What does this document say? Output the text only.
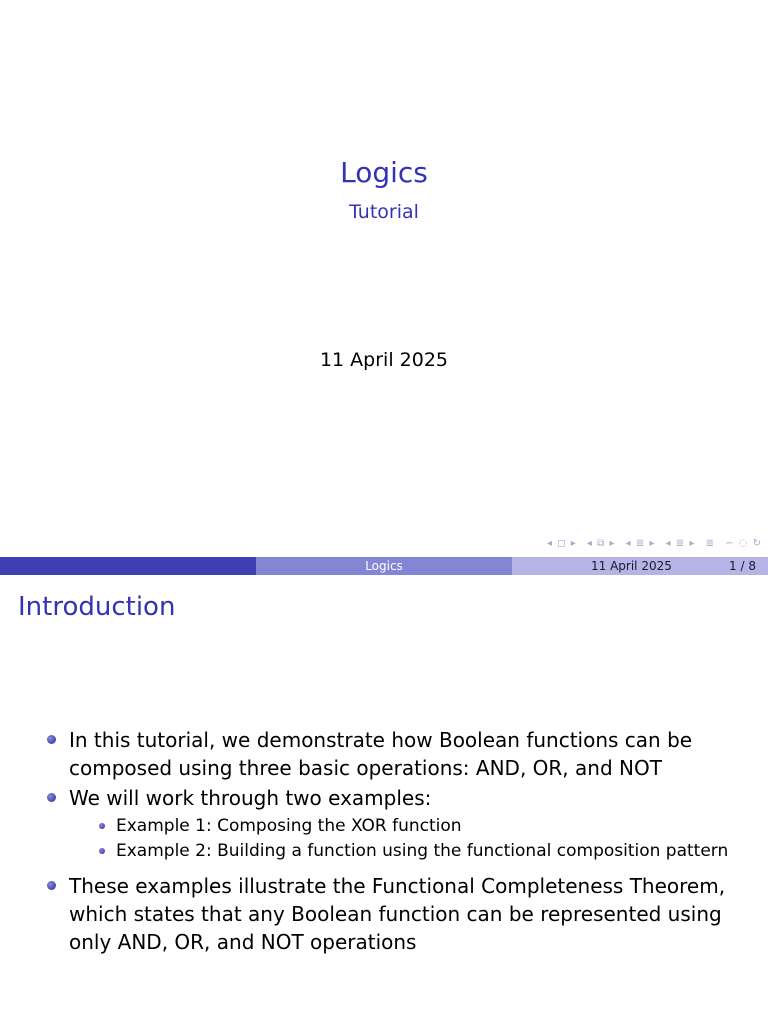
Logics
Tutorial
11 April 2025
◂ ◻ ▸ ◂ ⧉ ▸ ◂ ≣ ▸ ◂ ≣ ▸ ≣ ∽ ◌ ↻
Logics	11 April 2025	1 / 8
Introduction
In this tutorial, we demonstrate how Boolean functions can be composed using three basic operations: AND, OR, and NOT
We will work through two examples:
Example 1: Composing the XOR function
Example 2: Building a function using the functional composition pattern
These examples illustrate the Functional Completeness Theorem, which states that any Boolean function can be represented using only AND, OR, and NOT operations
